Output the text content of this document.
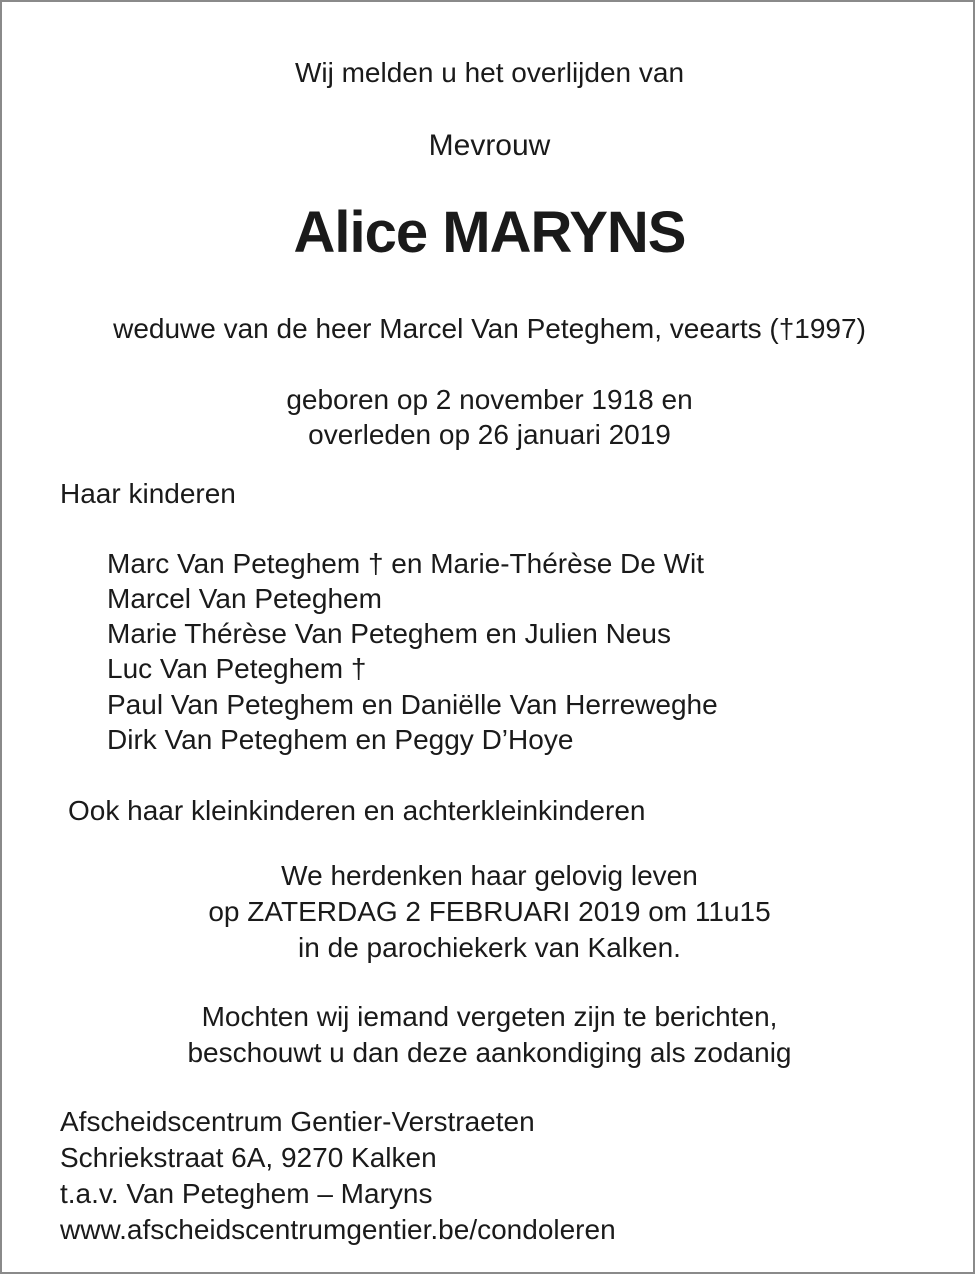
Wij melden u het overlijden van
Mevrouw
Alice MARYNS
weduwe van de heer Marcel Van Peteghem, veearts (†1997)
geboren op 2 november 1918 en
overleden op 26 januari 2019
Haar kinderen
Marc Van Peteghem † en Marie-Thérèse De Wit
Marcel Van Peteghem
Marie Thérèse Van Peteghem en Julien Neus
Luc Van Peteghem †
Paul Van Peteghem en Daniëlle Van Herreweghe
Dirk Van Peteghem en Peggy D’Hoye
Ook haar kleinkinderen en achterkleinkinderen
We herdenken haar gelovig leven
op ZATERDAG 2 FEBRUARI 2019 om 11u15
in de parochiekerk van Kalken.
Mochten wij iemand vergeten zijn te berichten,
beschouwt u dan deze aankondiging als zodanig
Afscheidscentrum Gentier-Verstraeten
Schriekstraat 6A, 9270 Kalken
t.a.v. Van Peteghem – Maryns
www.afscheidscentrumgentier.be/condoleren
